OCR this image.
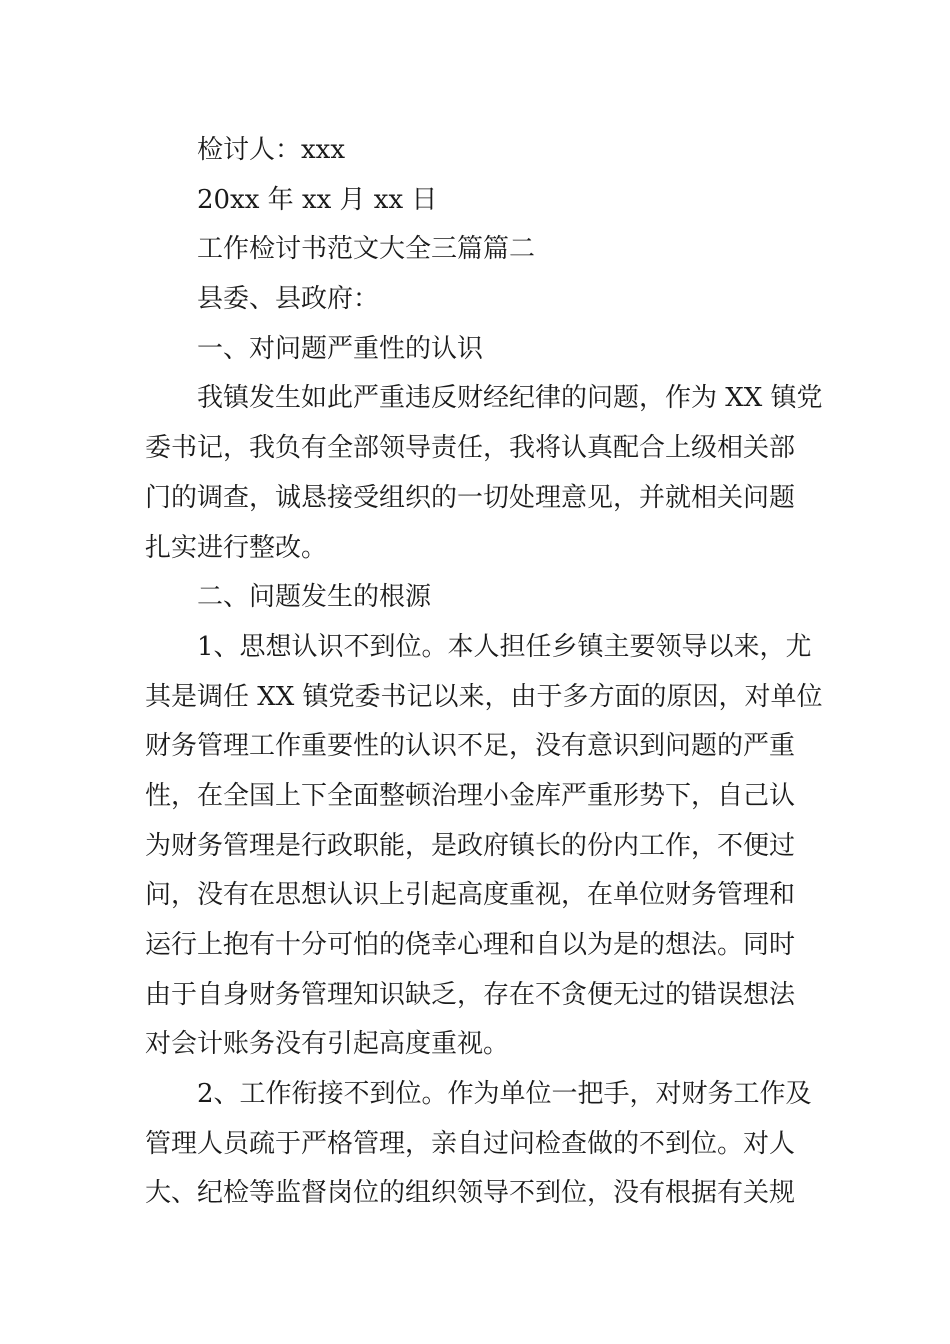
检讨人：xxx
20xx 年 xx 月 xx 日
工作检讨书范文大全三篇篇二
县委、县政府：
一、对问题严重性的认识
我镇发生如此严重违反财经纪律的问题，作为 XX 镇党
委书记，我负有全部领导责任，我将认真配合上级相关部
门的调查，诚恳接受组织的一切处理意见，并就相关问题
扎实进行整改。
二、问题发生的根源
1、思想认识不到位。本人担任乡镇主要领导以来，尤
其是调任 XX 镇党委书记以来，由于多方面的原因，对单位
财务管理工作重要性的认识不足，没有意识到问题的严重
性，在全国上下全面整顿治理小金库严重形势下，自己认
为财务管理是行政职能，是政府镇长的份内工作，不便过
问，没有在思想认识上引起高度重视，在单位财务管理和
运行上抱有十分可怕的侥幸心理和自以为是的想法。同时
由于自身财务管理知识缺乏，存在不贪便无过的错误想法
对会计账务没有引起高度重视。
2、工作衔接不到位。作为单位一把手，对财务工作及
管理人员疏于严格管理，亲自过问检查做的不到位。对人
大、纪检等监督岗位的组织领导不到位，没有根据有关规
